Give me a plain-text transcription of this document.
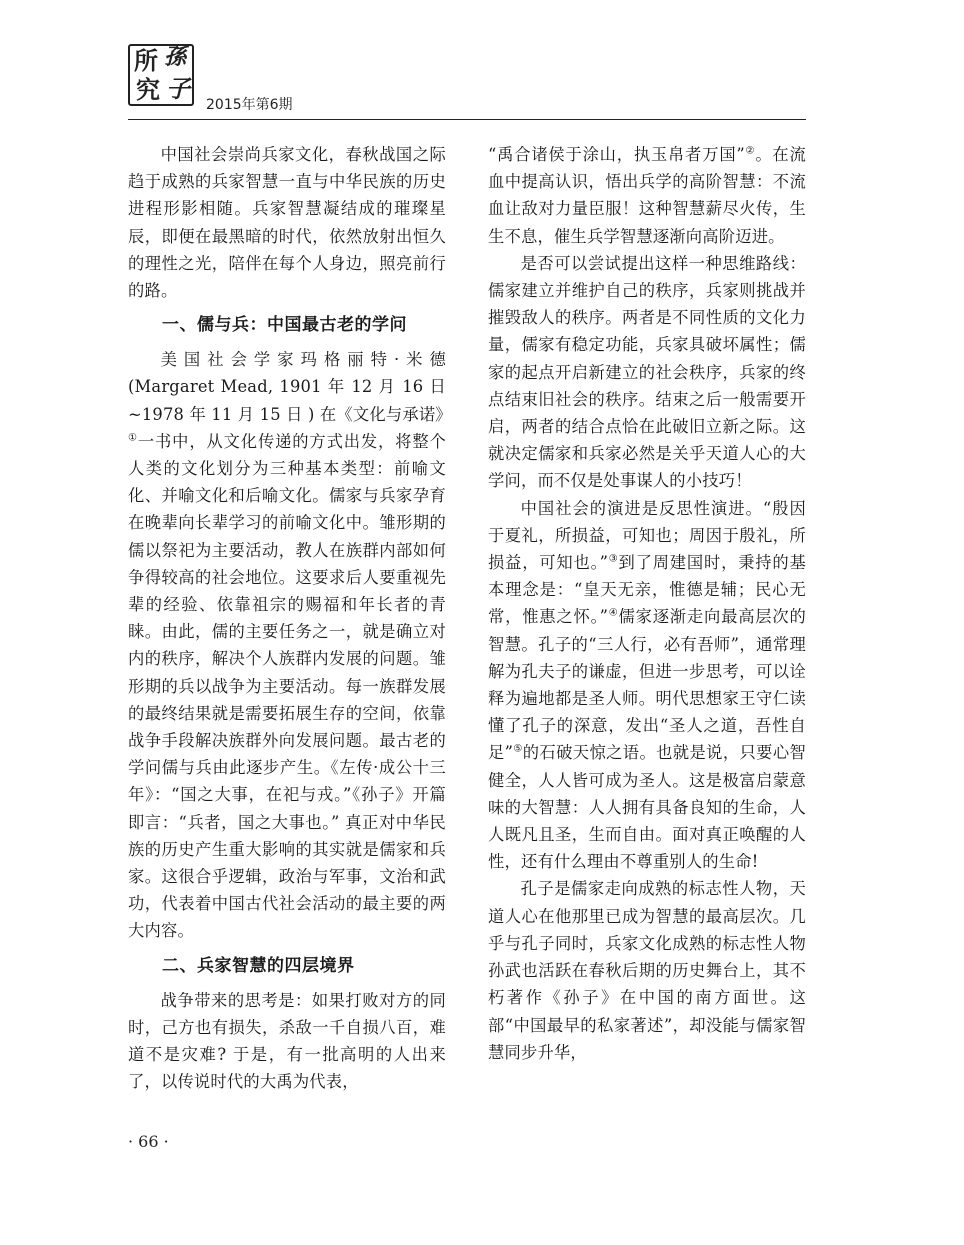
所 孫
究 子
2015年第6期

中国社会崇尚兵家文化，春秋战国之际趋于成熟的兵家智慧一直与中华民族的历史进程形影相随。兵家智慧凝结成的璀璨星辰，即便在最黑暗的时代，依然放射出恒久的理性之光，陪伴在每个人身边，照亮前行的路。

一、儒与兵：中国最古老的学问

美国社会学家玛格丽特·米德(Margaret Mead, 1901 年 12 月 16 日 ~1978 年 11 月 15 日 ) 在《文化与承诺》①一书中，从文化传递的方式出发，将整个人类的文化划分为三种基本类型：前喻文化、并喻文化和后喻文化。儒家与兵家孕育在晚辈向长辈学习的前喻文化中。雏形期的儒以祭祀为主要活动，教人在族群内部如何争得较高的社会地位。这要求后人要重视先辈的经验、依靠祖宗的赐福和年长者的青睐。由此，儒的主要任务之一，就是确立对内的秩序，解决个人族群内发展的问题。雏形期的兵以战争为主要活动。每一族群发展的最终结果就是需要拓展生存的空间，依靠战争手段解决族群外向发展问题。最古老的学问儒与兵由此逐步产生。《左传·成公十三年》：“国之大事，在祀与戎。”《孙子》开篇即言：“兵者，国之大事也。” 真正对中华民族的历史产生重大影响的其实就是儒家和兵家。这很合乎逻辑，政治与军事，文治和武功，代表着中国古代社会活动的最主要的两大内容。

二、兵家智慧的四层境界

战争带来的思考是：如果打败对方的同时，己方也有损失，杀敌一千自损八百，难道不是灾难? 于是，有一批高明的人出来了，以传说时代的大禹为代表，

“禹合诸侯于涂山，执玉帛者万国”②。在流血中提高认识，悟出兵学的高阶智慧：不流血让敌对力量臣服！这种智慧薪尽火传，生生不息，催生兵学智慧逐渐向高阶迈进。

是否可以尝试提出这样一种思维路线：儒家建立并维护自己的秩序，兵家则挑战并摧毁敌人的秩序。两者是不同性质的文化力量，儒家有稳定功能，兵家具破坏属性；儒家的起点开启新建立的社会秩序，兵家的终点结束旧社会的秩序。结束之后一般需要开启，两者的结合点恰在此破旧立新之际。这就决定儒家和兵家必然是关乎天道人心的大学问，而不仅是处事谋人的小技巧！

中国社会的演进是反思性演进。“殷因于夏礼，所损益，可知也；周因于殷礼，所损益，可知也。”③到了周建国时，秉持的基本理念是：“皇天无亲，惟德是辅；民心无常，惟惠之怀。”④儒家逐渐走向最高层次的智慧。孔子的“三人行，必有吾师”，通常理解为孔夫子的谦虚，但进一步思考，可以诠释为遍地都是圣人师。明代思想家王守仁读懂了孔子的深意，发出“圣人之道，吾性自足”⑤的石破天惊之语。也就是说，只要心智健全，人人皆可成为圣人。这是极富启蒙意味的大智慧：人人拥有具备良知的生命，人人既凡且圣，生而自由。面对真正唤醒的人性，还有什么理由不尊重别人的生命!

孔子是儒家走向成熟的标志性人物，天道人心在他那里已成为智慧的最高层次。几乎与孔子同时，兵家文化成熟的标志性人物孙武也活跃在春秋后期的历史舞台上，其不朽著作《孙子》在中国的南方面世。这部“中国最早的私家著述”，却没能与儒家智慧同步升华，

· 66 ·
